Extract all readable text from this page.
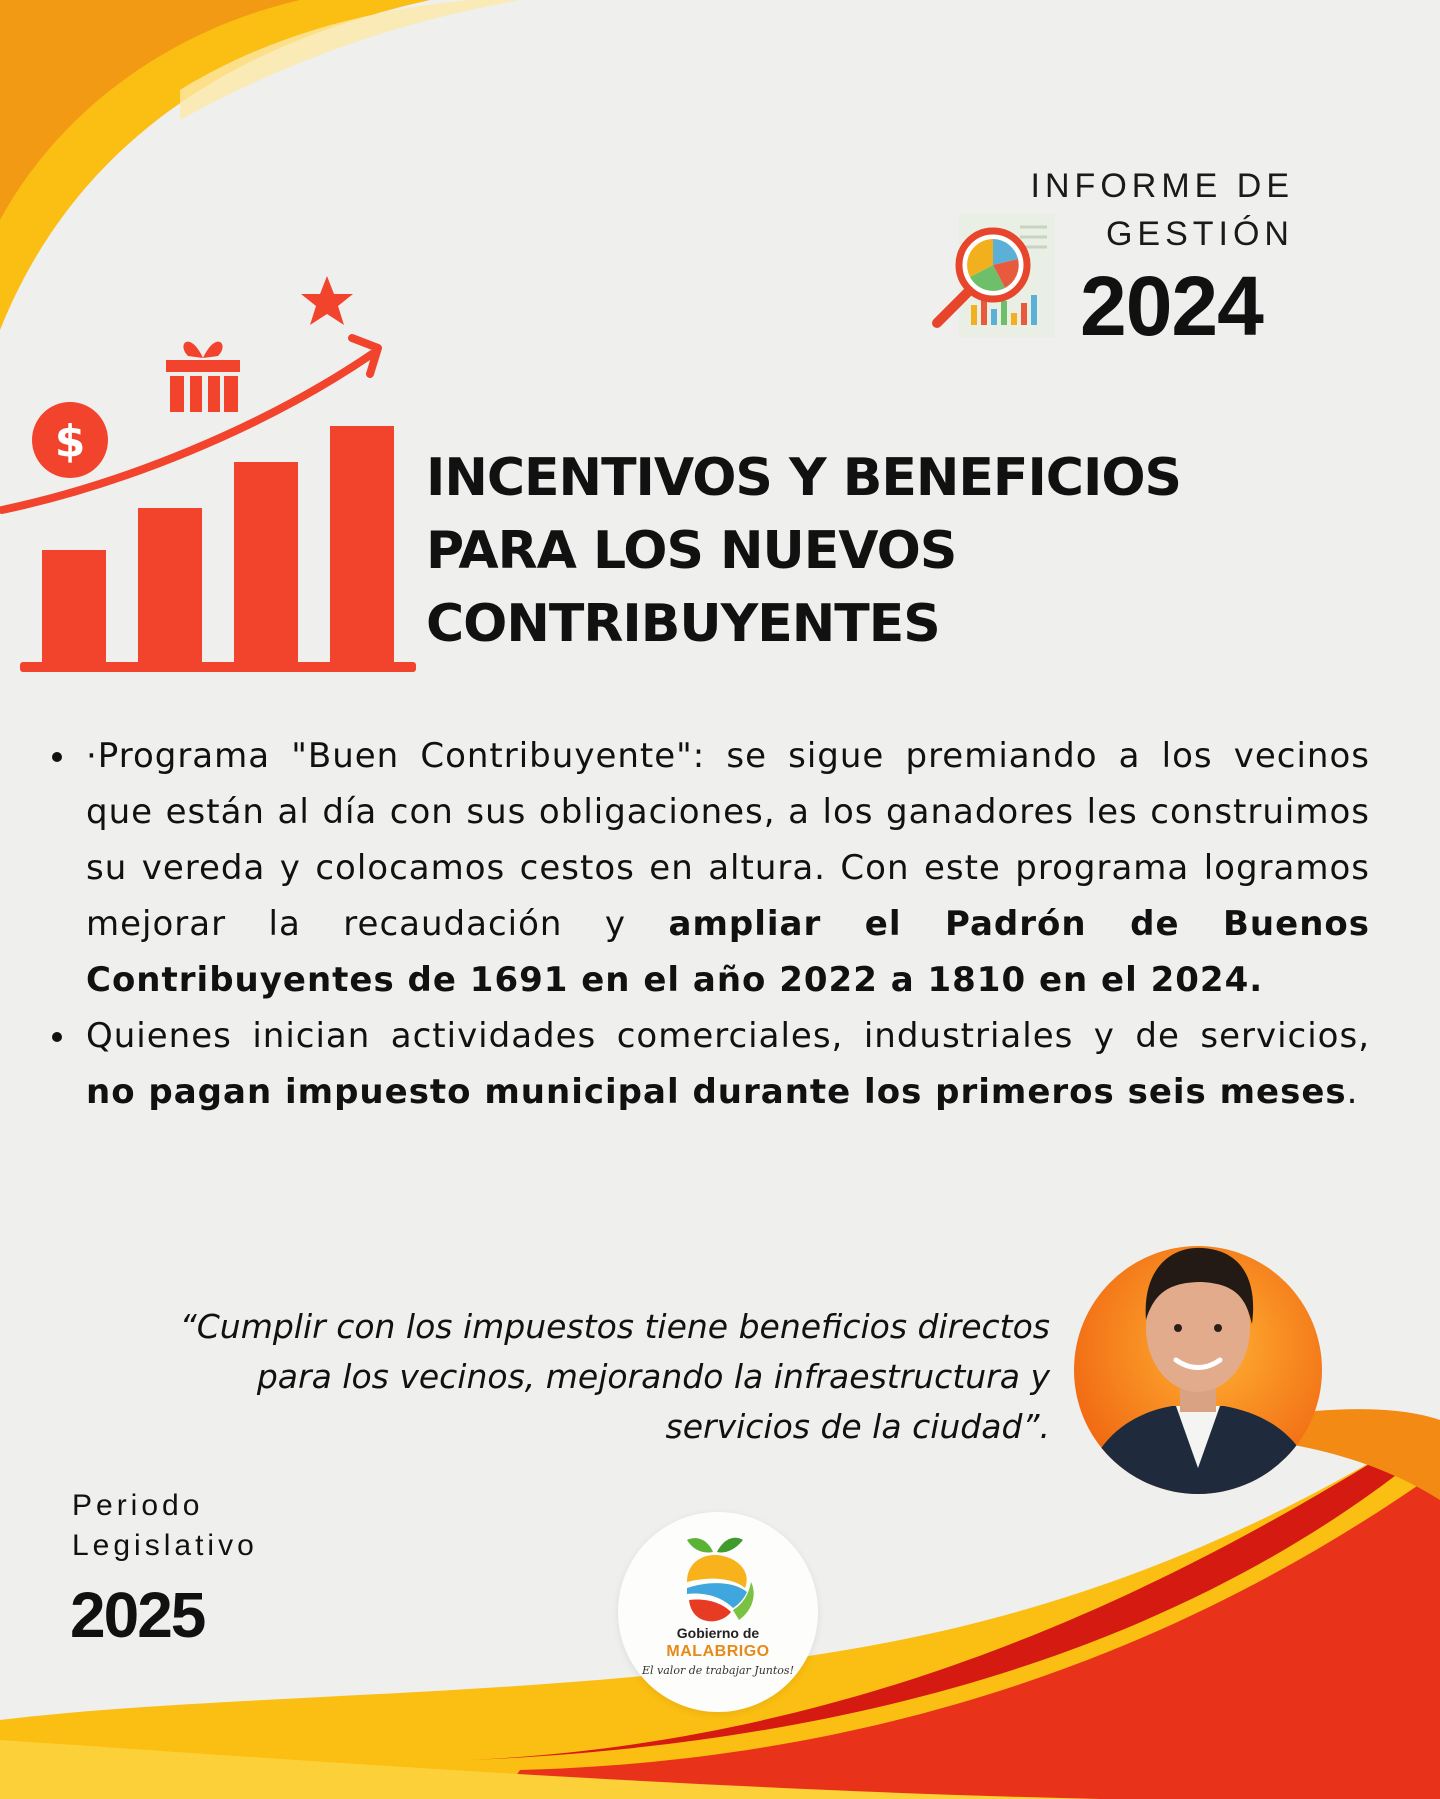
INFORME DE
GESTIÓN
2024
$
INCENTIVOS Y BENEFICIOS
PARA LOS NUEVOS
CONTRIBUYENTES
·Programa "Buen Contribuyente": se sigue premiando a los vecinos que están al día con sus obligaciones, a los ganadores les construimos su vereda y colocamos cestos en altura. Con este programa logramos mejorar la recaudación y ampliar el Padrón de Buenos Contribuyentes de 1691 en el año 2022 a 1810 en el 2024.
Quienes inician actividades comerciales, industriales y de servicios, no pagan impuesto municipal durante los primeros seis meses.
“Cumplir con los impuestos tiene beneficios directos
para los vecinos, mejorando la infraestructura y
servicios de la ciudad”.
Periodo
Legislativo
2025	Gobierno de
MALABRIGO
El valor de trabajar Juntos!
